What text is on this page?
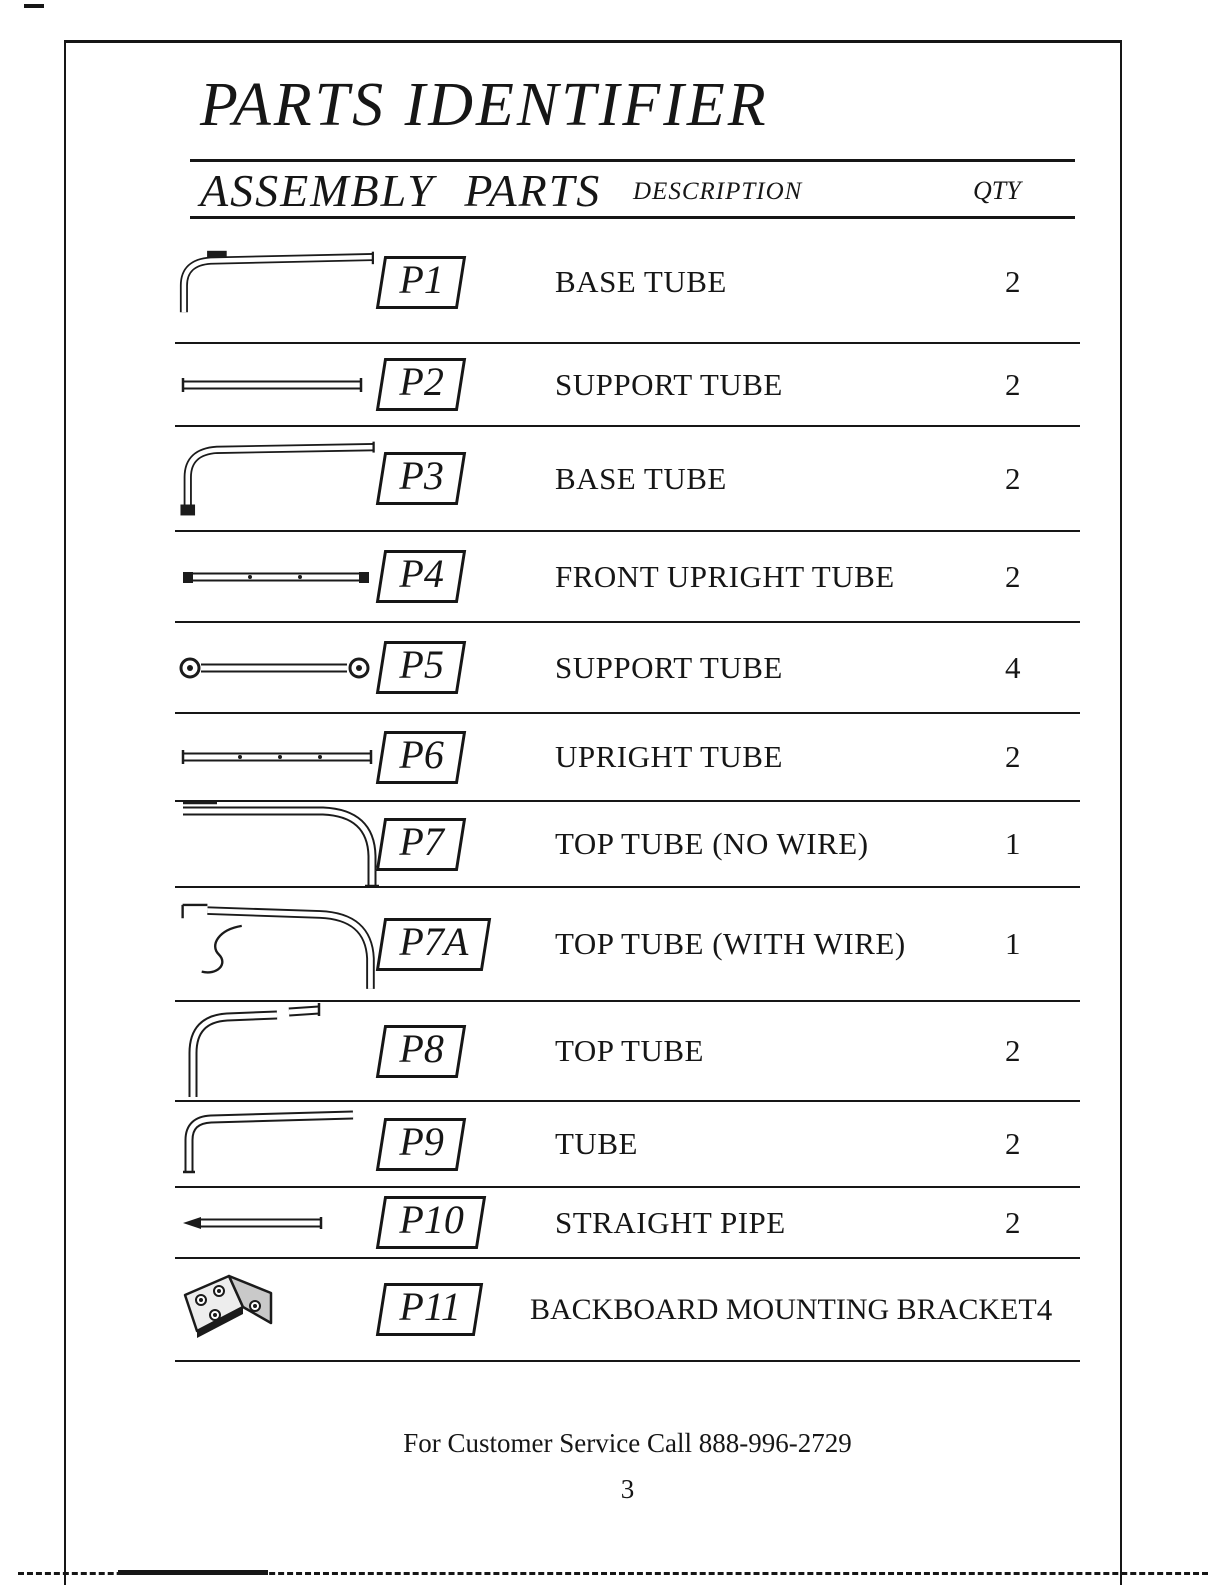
PARTS IDENTIFIER
ASSEMBLY PARTS DESCRIPTION	QTY
P1	BASE TUBE	2
P2	SUPPORT TUBE	2
P3	BASE TUBE	2
P4	FRONT UPRIGHT TUBE	2
P5	SUPPORT TUBE	4
P6	UPRIGHT TUBE	2
P7	TOP TUBE (NO WIRE)	1
P7A	TOP TUBE (WITH WIRE)	1
P8	TOP TUBE	2
P9	TUBE	2
P10	STRAIGHT PIPE	2
P11	BACKBOARD MOUNTING BRACKET 4
For Customer Service Call 888-996-2729
3
